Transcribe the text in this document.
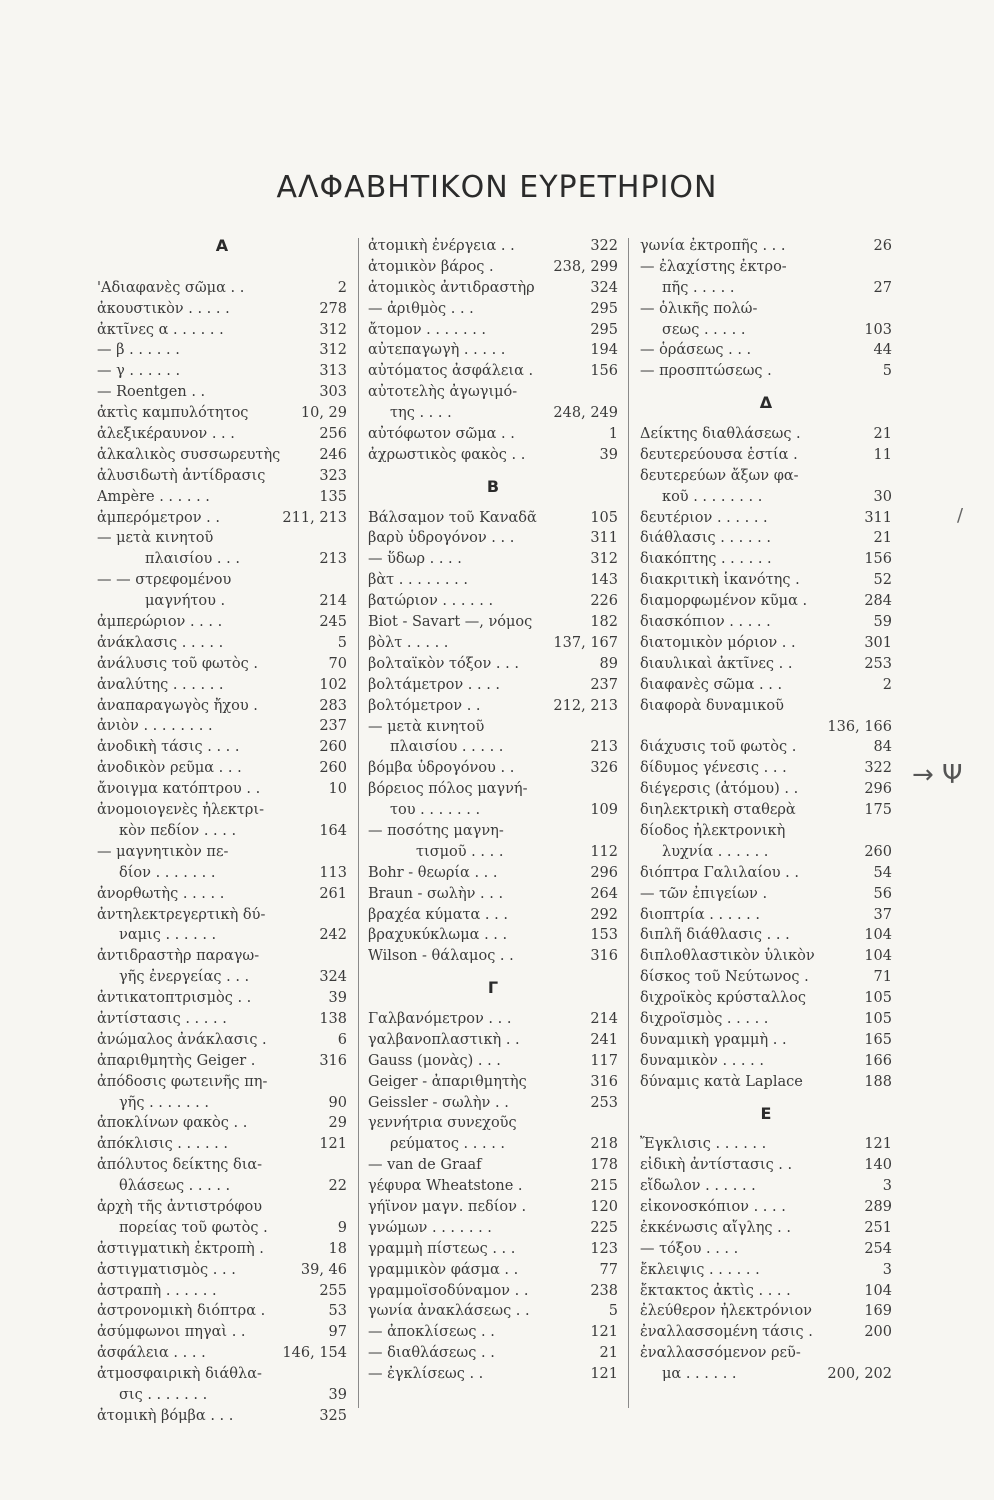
ΑΛΦΑΒΗΤΙΚΟΝ ΕΥΡΕΤΗΡΙΟΝ
Α
'Αδιαφανὲς σῶμα . .	2
ἀκουστικὸν . . . . .	278
ἀκτῖνες α . . . . . .	312
— β . . . . . .	312
— γ . . . . . .	313
— Roentgen . .	303
ἀκτὶς καμπυλότητος	10, 29
ἀλεξικέραυνον . . .	256
ἀλκαλικὸς συσσωρευτὴς	246
ἀλυσιδωτὴ ἀντίδρασις	323
Ampère . . . . . .	135
ἀμπερόμετρον . .	211, 213
— μετὰ κινητοῦ
πλαισίου . . .	213
— — στρεφομένου
μαγνήτου .	214
ἀμπερώριον . . . .	245
ἀνάκλασις . . . . .	5
ἀνάλυσις τοῦ φωτὸς .	70
ἀναλύτης . . . . . .	102
ἀναπαραγωγὸς ἤχου .	283
ἀνιὸν . . . . . . . .	237
ἀνοδικὴ τάσις . . . .	260
ἀνοδικὸν ρεῦμα . . .	260
ἄνοιγμα κατόπτρου . .	10
ἀνομοιογενὲς ἠλεκτρι-
κὸν πεδίον . . . .	164
— μαγνητικὸν πε-
δίον . . . . . . .	113
ἀνορθωτὴς . . . . .	261
ἀντηλεκτρεγερτικὴ δύ-
ναμις . . . . . .	242
ἀντιδραστὴρ παραγω-
γῆς ἐνεργείας . . .	324
ἀντικατοπτρισμὸς . .	39
ἀντίστασις . . . . .	138
ἀνώμαλος ἀνάκλασις .	6
ἀπαριθμητὴς Geiger .	316
ἀπόδοσις φωτεινῆς πη-
γῆς . . . . . . .	90
ἀποκλίνων φακὸς . .	29
ἀπόκλισις . . . . . .	121
ἀπόλυτος δείκτης δια-
θλάσεως . . . . .	22
ἀρχὴ τῆς ἀντιστρόφου
πορείας τοῦ φωτὸς .	9
ἀστιγματικὴ ἐκτροπὴ .	18
ἀστιγματισμὸς . . .	39, 46
ἀστραπὴ . . . . . .	255
ἀστρονομικὴ διόπτρα .	53
ἀσύμφωνοι πηγαὶ . .	97
ἀσφάλεια . . . .	146, 154
ἀτμοσφαιρικὴ διάθλα-
σις . . . . . . .	39
ἀτομικὴ βόμβα . . .	325
ἀτομικὴ ἐνέργεια . .	322
ἀτομικὸν βάρος .	238, 299
ἀτομικὸς ἀντιδραστὴρ	324
— ἀριθμὸς . . .	295
ἄτομον . . . . . . .	295
αὐτεπαγωγὴ . . . . .	194
αὐτόματος ἀσφάλεια .	156
αὐτοτελὴς ἀγωγιμό-
της . . . .	248, 249
αὐτόφωτον σῶμα . .	1
ἀχρωστικὸς φακὸς . .	39
Β
Βάλσαμον τοῦ Καναδᾶ	105
βαρὺ ὑδρογόνον . . .	311
— ὕδωρ . . . .	312
βὰτ . . . . . . . .	143
βατώριον . . . . . .	226
Biot - Savart —, νόμος	182
βὸλτ . . . . .	137, 167
βολταϊκὸν τόξον . . .	89
βολτάμετρον . . . .	237
βολτόμετρον . .	212, 213
— μετὰ κινητοῦ
πλαισίου . . . . .	213
βόμβα ὑδρογόνου . .	326
βόρειος πόλος μαγνή-
του . . . . . . .	109
— ποσότης μαγνη-
τισμοῦ . . . .	112
Bohr - θεωρία . . .	296
Braun - σωλὴν . . .	264
βραχέα κύματα . . .	292
βραχυκύκλωμα . . .	153
Wilson - θάλαμος . .	316
Γ
Γαλβανόμετρον . . .	214
γαλβανοπλαστικὴ . .	241
Gauss (μονὰς) . . .	117
Geiger - ἀπαριθμητὴς	316
Geissler - σωλὴν . .	253
γεννήτρια συνεχοῦς
ρεύματος . . . . .	218
— van de Graaf	178
γέφυρα Wheatstone .	215
γήϊνον μαγν. πεδίον .	120
γνώμων . . . . . . .	225
γραμμὴ πίστεως . . .	123
γραμμικὸν φάσμα . .	77
γραμμοϊσοδύναμον . .	238
γωνία ἀνακλάσεως . .	5
— ἀποκλίσεως . .	121
— διαθλάσεως . .	21
— ἐγκλίσεως . .	121
γωνία ἐκτροπῆς . . .	26
— ἐλαχίστης ἐκτρο-
πῆς . . . . .	27
— ὁλικῆς πολώ-
σεως . . . . .	103
— ὁράσεως . . .	44
— προσπτώσεως .	5
Δ
Δείκτης διαθλάσεως .	21
δευτερεύουσα ἑστία .	11
δευτερεύων ἄξων φα-
κοῦ . . . . . . . .	30
δευτέριον . . . . . .	311
διάθλασις . . . . . .	21
διακόπτης . . . . . .	156
διακριτικὴ ἱκανότης .	52
διαμορφωμένον κῦμα .	284
διασκόπιον . . . . .	59
διατομικὸν μόριον . .	301
διαυλικαὶ ἀκτῖνες . .	253
διαφανὲς σῶμα . . .	2
διαφορὰ δυναμικοῦ
136, 166
διάχυσις τοῦ φωτὸς .	84
δίδυμος γένεσις . . .	322
διέγερσις (ἀτόμου) . .	296
διηλεκτρικὴ σταθερὰ	175
δίοδος ἠλεκτρονικὴ
λυχνία . . . . . .	260
διόπτρα Γαλιλαίου . .	54
— τῶν ἐπιγείων .	56
διοπτρία . . . . . .	37
διπλῆ διάθλασις . . .	104
διπλοθλαστικὸν ὑλικὸν	104
δίσκος τοῦ Νεύτωνος .	71
διχροϊκὸς κρύσταλλος	105
διχροϊσμὸς . . . . .	105
δυναμικὴ γραμμὴ . .	165
δυναμικὸν . . . . .	166
δύναμις κατὰ Laplace	188
Ε
Ἔγκλισις . . . . . .	121
εἰδικὴ ἀντίστασις . .	140
εἴδωλον . . . . . .	3
εἰκονοσκόπιον . . . .	289
ἐκκένωσις αἴγλης . .	251
— τόξου . . . .	254
ἔκλειψις . . . . . .	3
ἔκτακτος ἀκτὶς . . . .	104
ἐλεύθερον ἠλεκτρόνιον	169
ἐναλλασσομένη τάσις .	200
ἐναλλασσόμενον ρεῦ-
μα . . . . . .	200, 202
→ Ψ
/
